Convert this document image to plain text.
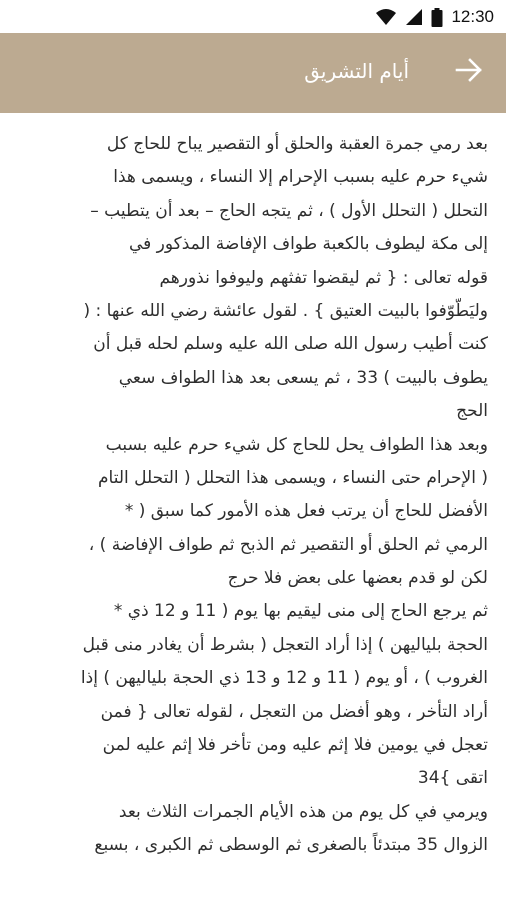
12:30
أيام التشريق
بعد رمي جمرة العقبة والحلق أو التقصير يباح للحاج كل
شيء حرم عليه بسبب الإحرام إلا النساء ، ويسمى هذا
التحلل ( التحلل الأول ) ، ثم يتجه الحاج – بعد أن يتطيب –
إلى مكة ليطوف بالكعبة طواف الإفاضة المذكور في
قوله تعالى : { ثم ليقضوا تفثهم وليوفوا نذورهم
وليَطّوّفوا بالبيت العتيق } . لقول عائشة رضي الله عنها : (
كنت أطيب رسول الله صلى الله عليه وسلم لحله قبل أن
يطوف بالبيت ) 33 ، ثم يسعى بعد هذا الطواف سعي
الحج
وبعد هذا الطواف يحل للحاج كل شيء حرم عليه بسبب
( الإحرام حتى النساء ، ويسمى هذا التحلل ( التحلل التام
الأفضل للحاج أن يرتب فعل هذه الأمور كما سبق ( *
الرمي ثم الحلق أو التقصير ثم الذبح ثم طواف الإفاضة ) ،
لكن لو قدم بعضها على بعض فلا حرج
ثم يرجع الحاج إلى منى ليقيم بها يوم ( 11 و 12 ذي *
الحجة بلياليهن ) إذا أراد التعجل ( بشرط أن يغادر منى قبل
الغروب ) ، أو يوم ( 11 و 12 و 13 ذي الحجة بلياليهن ) إذا
أراد التأخر ، وهو أفضل من التعجل ، لقوله تعالى { فمن
تعجل في يومين فلا إثم عليه ومن تأخر فلا إثم عليه لمن
اتقى }34
ويرمي في كل يوم من هذه الأيام الجمرات الثلاث بعد
الزوال 35 مبتدئاً بالصغرى ثم الوسطى ثم الكبرى ، بسبع
